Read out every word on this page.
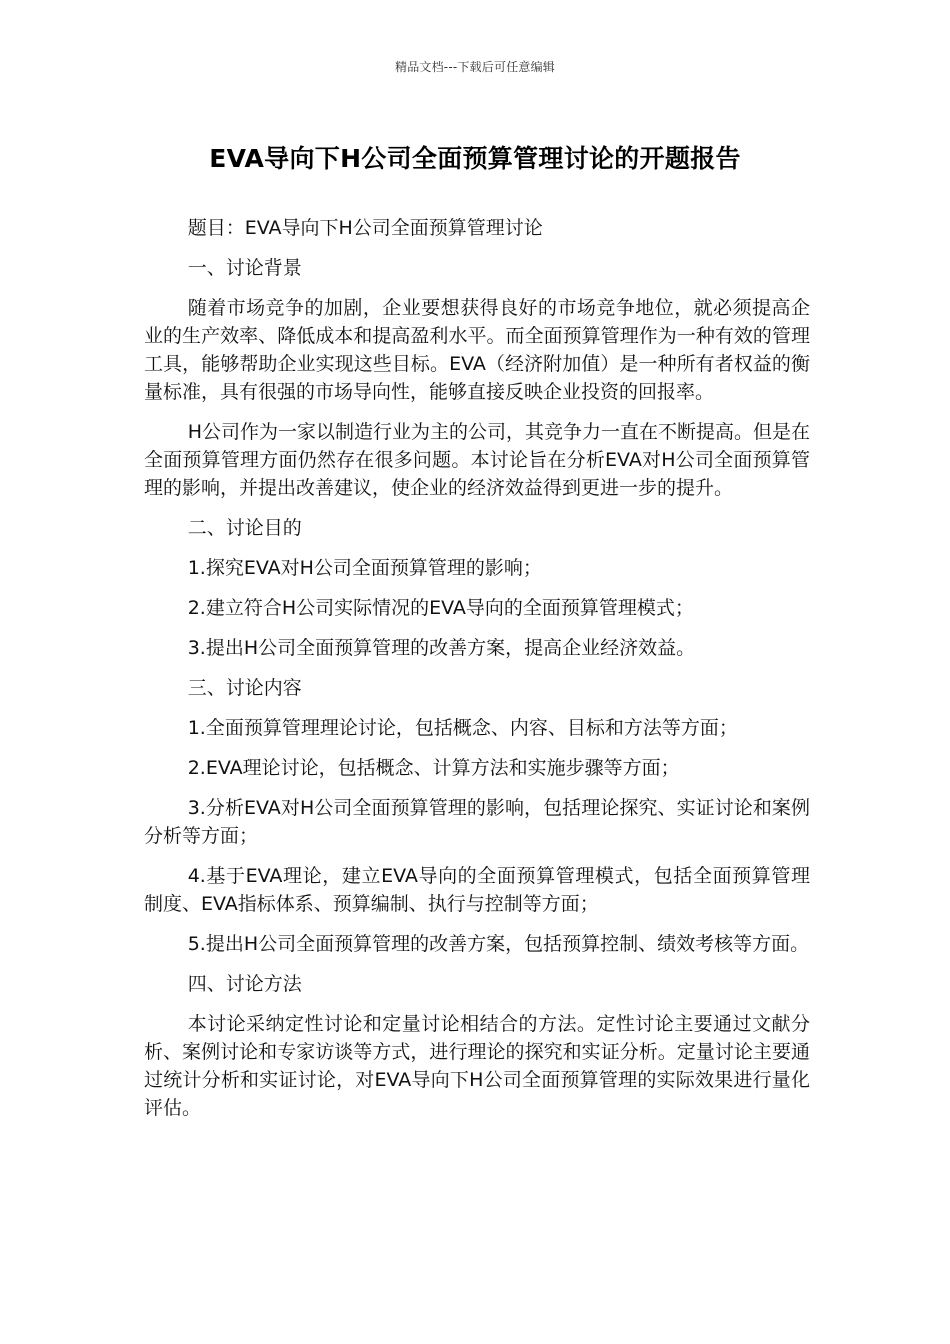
精品文档---下载后可任意编辑
EVA导向下H公司全面预算管理讨论的开题报告

题目：EVA导向下H公司全面预算管理讨论

一、讨论背景

随着市场竞争的加剧，企业要想获得良好的市场竞争地位，就必须提高企业的生产效率、降低成本和提高盈利水平。而全面预算管理作为一种有效的管理工具，能够帮助企业实现这些目标。EVA（经济附加值）是一种所有者权益的衡量标准，具有很强的市场导向性，能够直接反映企业投资的回报率。

H公司作为一家以制造行业为主的公司，其竞争力一直在不断提高。但是在全面预算管理方面仍然存在很多问题。本讨论旨在分析EVA对H公司全面预算管理的影响，并提出改善建议，使企业的经济效益得到更进一步的提升。

二、讨论目的

1.探究EVA对H公司全面预算管理的影响；

2.建立符合H公司实际情况的EVA导向的全面预算管理模式；

3.提出H公司全面预算管理的改善方案，提高企业经济效益。

三、讨论内容

1.全面预算管理理论讨论，包括概念、内容、目标和方法等方面；

2.EVA理论讨论，包括概念、计算方法和实施步骤等方面；

3.分析EVA对H公司全面预算管理的影响，包括理论探究、实证讨论和案例分析等方面；

4.基于EVA理论，建立EVA导向的全面预算管理模式，包括全面预算管理制度、EVA指标体系、预算编制、执行与控制等方面；

5.提出H公司全面预算管理的改善方案，包括预算控制、绩效考核等方面。

四、讨论方法

本讨论采纳定性讨论和定量讨论相结合的方法。定性讨论主要通过文献分析、案例讨论和专家访谈等方式，进行理论的探究和实证分析。定量讨论主要通过统计分析和实证讨论，对EVA导向下H公司全面预算管理的实际效果进行量化评估。
